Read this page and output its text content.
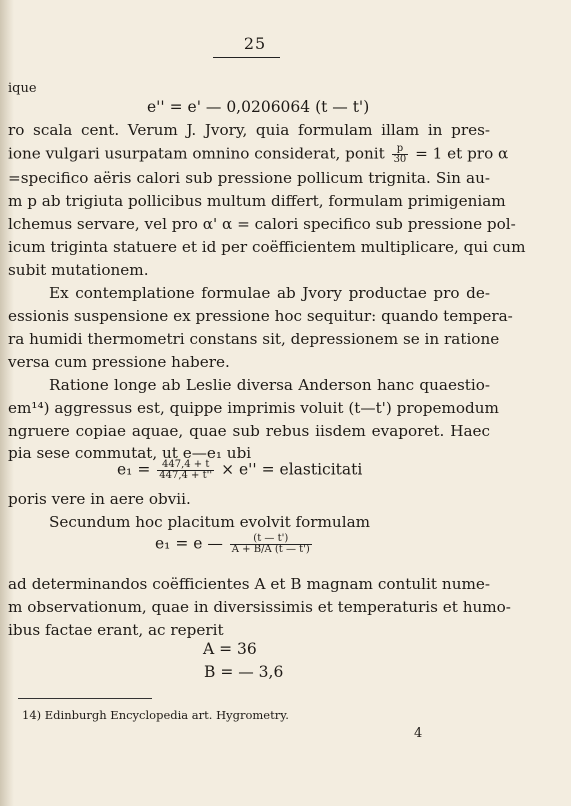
25
ique
e'' = e' — 0,0206064 (t — t')
ro scala cent. Verum J. Jvory, quia formulam illam in pres-
ione vulgari usurpatam omnino considerat, ponit $\frac{p}{30} = 1$ et pro α
=specifico aëris calori sub pressione pollicum trignita. Sin au-
m p ab trigiuta pollicibus multum differt, formulam primigeniam
lchemus servare, vel pro α' α = calori specifico sub pressione pol-
icum triginta statuere et id per coëfficientem multiplicare, qui cum
subit mutationem.
Ex contemplatione formulae ab Jvory productae pro de-
essionis suspensione ex pressione hoc sequitur: quando tempera-
ra humidi thermometri constans sit, depressionem se in ratione
versa cum pressione habere.
Ratione longe ab Leslie diversa Anderson hanc quaestio-
em¹⁴) aggressus est, quippe imprimis voluit (t—t') propemodum
ngruere copiae aquae, quae sub rebus iisdem evaporet. Haec
pia sese commutat, ut e—e₁ ubi
$e_1 = \frac{447,4 + t}{447,4 + t''} \times e''$ = elasticitati
poris vere in aere obvii.
Secundum hoc placitum evolvit formulam
e₁ = e — $\frac{(t — t')}{A + B/A (t — t')}$
ad determinandos coëfficientes A et B magnam contulit nume-
m observationum, quae in diversissimis et temperaturis et humo-
ibus factae erant, ac reperit
A = 36
B = — 3,6
14) Edinburgh Encyclopedia art. Hygrometry.
4
